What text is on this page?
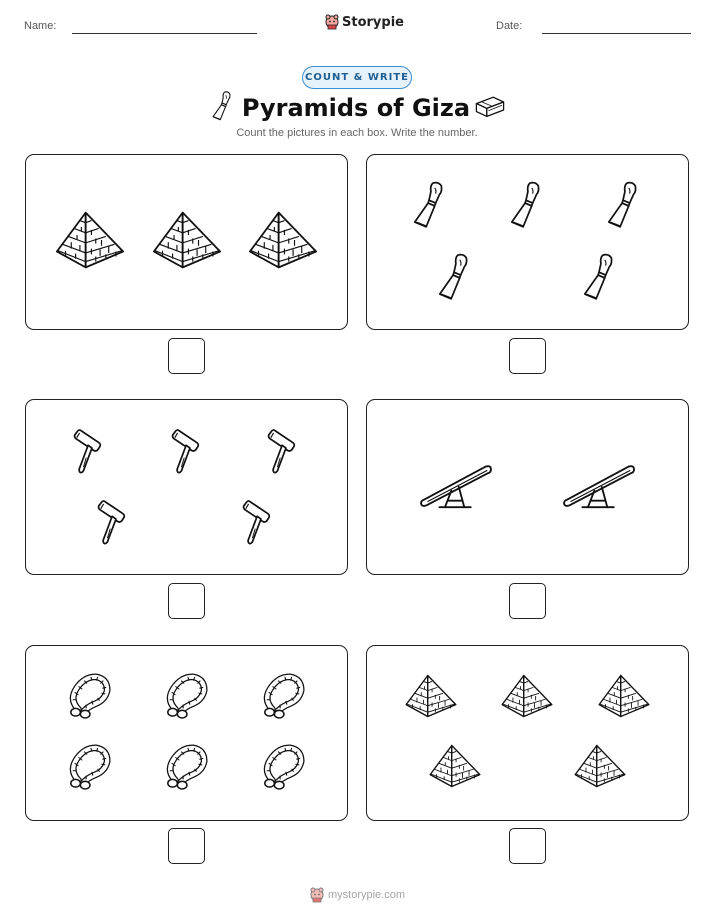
Name:	Storypie	Date:
COUNT & WRITE
Pyramids of Giza
Count the pictures in each box. Write the number.
mystorypie.com
